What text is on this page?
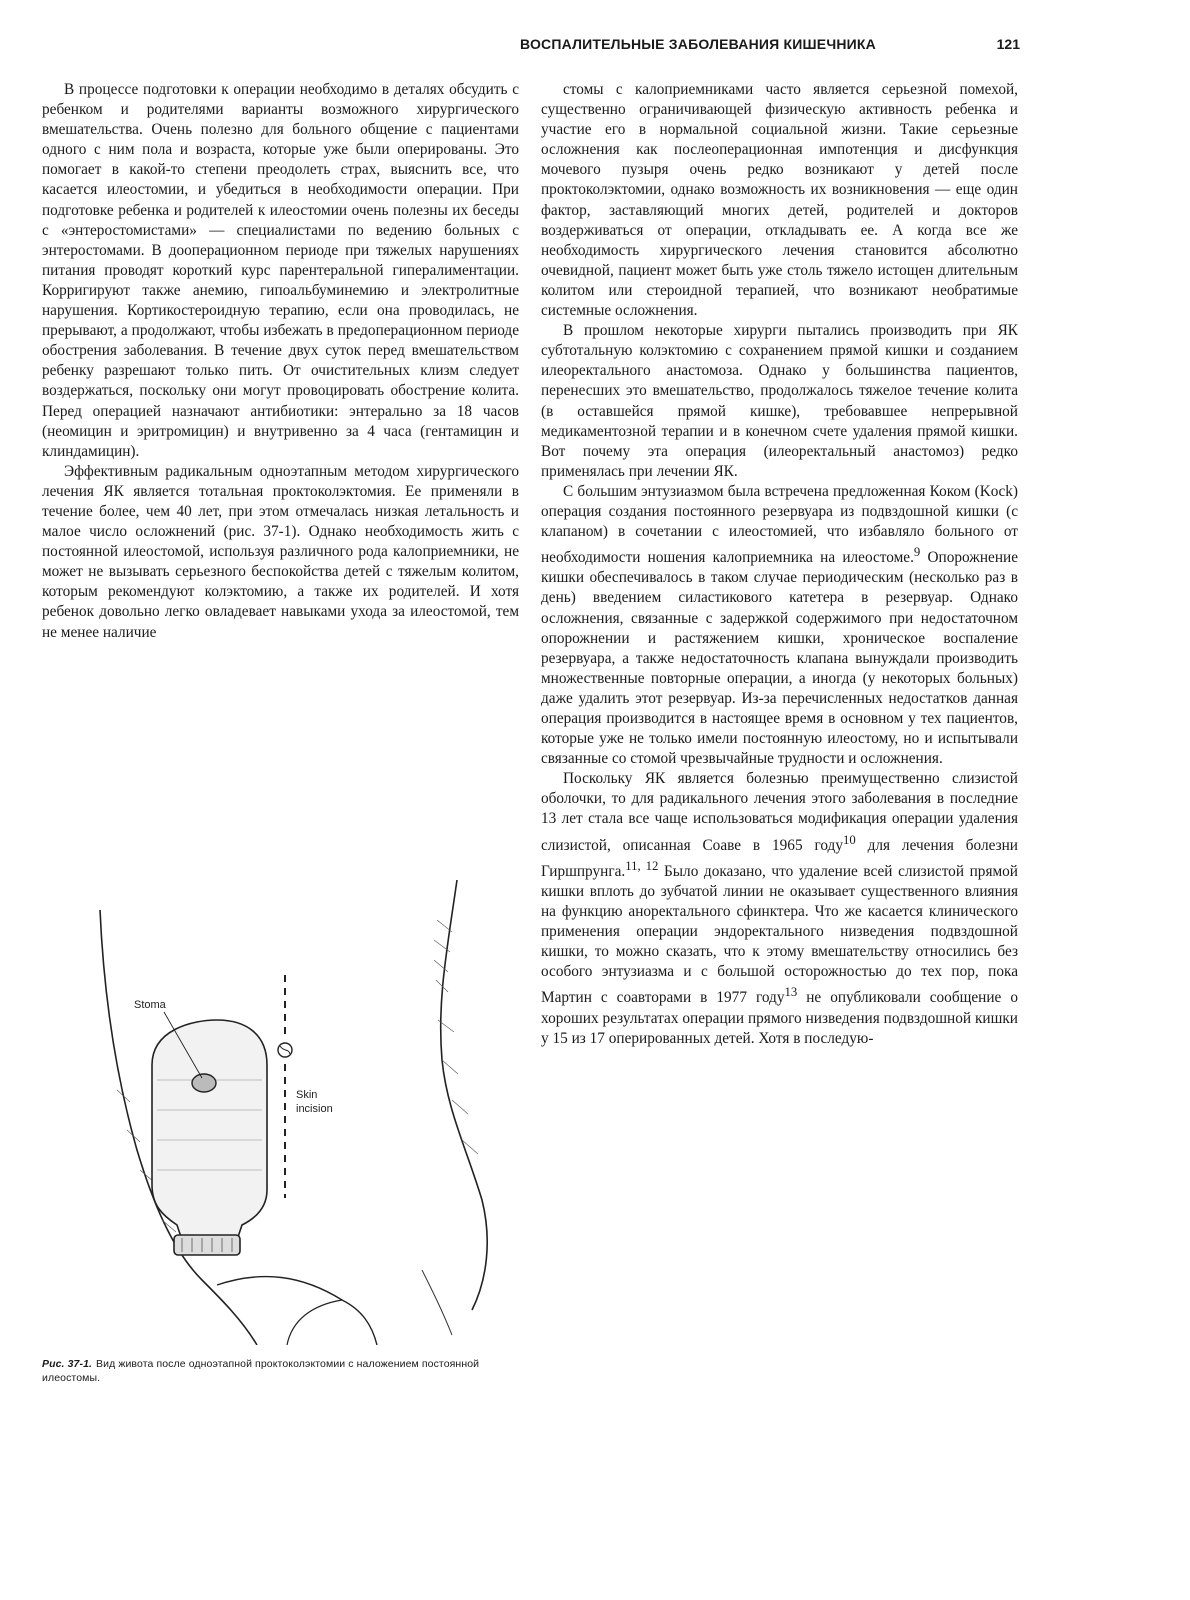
ВОСПАЛИТЕЛЬНЫЕ ЗАБОЛЕВАНИЯ КИШЕЧНИКА	121

В процессе подготовки к операции необходимо в деталях обсудить с ребенком и родителями варианты возможного хирургического вмешательства. Очень полезно для больного общение с пациентами одного с ним пола и возраста, которые уже были оперированы. Это помогает в какой-то степени преодолеть страх, выяснить все, что касается илеостомии, и убедиться в необходимости операции. При подготовке ребенка и родителей к илеостомии очень полезны их беседы с «энтеростомистами» — специалистами по ведению больных с энтеростомами. В дооперационном периоде при тяжелых нарушениях питания проводят короткий курс парентеральной гипералиментации. Корригируют также анемию, гипоальбуминемию и электролитные нарушения. Кортикостероидную терапию, если она проводилась, не прерывают, а продолжают, чтобы избежать в предоперационном периоде обострения заболевания. В течение двух суток перед вмешательством ребенку разрешают только пить. От очистительных клизм следует воздержаться, поскольку они могут провоцировать обострение колита. Перед операцией назначают антибиотики: энтерально за 18 часов (неомицин и эритромицин) и внутривенно за 4 часа (гентамицин и клиндамицин).

Эффективным радикальным одноэтапным методом хирургического лечения ЯК является тотальная проктоколэктомия. Ее применяли в течение более, чем 40 лет, при этом отмечалась низкая летальность и малое число осложнений (рис. 37-1). Однако необходимость жить с постоянной илеостомой, используя различного рода калоприемники, не может не вызывать серьезного беспокойства детей с тяжелым колитом, которым рекомендуют колэктомию, а также их родителей. И хотя ребенок довольно легко овладевает навыками ухода за илеостомой, тем не менее наличие

Stoma
Skin
incision
Рис. 37-1. Вид живота после одноэтапной проктоколэктомии с наложением постоянной илеостомы.

стомы с калоприемниками часто является серьезной помехой, существенно ограничивающей физическую активность ребенка и участие его в нормальной социальной жизни. Такие серьезные осложнения как послеоперационная импотенция и дисфункция мочевого пузыря очень редко возникают у детей после проктоколэктомии, однако возможность их возникновения — еще один фактор, заставляющий многих детей, родителей и докторов воздерживаться от операции, откладывать ее. А когда все же необходимость хирургического лечения становится абсолютно очевидной, пациент может быть уже столь тяжело истощен длительным колитом или стероидной терапией, что возникают необратимые системные осложнения.

В прошлом некоторые хирурги пытались производить при ЯК субтотальную колэктомию с сохранением прямой кишки и созданием илеоректального анастомоза. Однако у большинства пациентов, перенесших это вмешательство, продолжалось тяжелое течение колита (в оставшейся прямой кишке), требовавшее непрерывной медикаментозной терапии и в конечном счете удаления прямой кишки. Вот почему эта операция (илеоректальный анастомоз) редко применялась при лечении ЯК.

С большим энтузиазмом была встречена предложенная Коком (Kock) операция создания постоянного резервуара из подвздошной кишки (с клапаном) в сочетании с илеостомией, что избавляло больного от необходимости ношения калоприемника на илеостоме.$^9$ Опорожнение кишки обеспечивалось в таком случае периодическим (несколько раз в день) введением силастикового катетера в резервуар. Однако осложнения, связанные с задержкой содержимого при недостаточном опорожнении и растяжением кишки, хроническое воспаление резервуара, а также недостаточность клапана вынуждали производить множественные повторные операции, а иногда (у некоторых больных) даже удалить этот резервуар. Из-за перечисленных недостатков данная операция производится в настоящее время в основном у тех пациентов, которые уже не только имели постоянную илеостому, но и испытывали связанные со стомой чрезвычайные трудности и осложнения.

Поскольку ЯК является болезнью преимущественно слизистой оболочки, то для радикального лечения этого заболевания в последние 13 лет стала все чаще использоваться модификация операции удаления слизистой, описанная Соаве в 1965 году$^{10}$ для лечения болезни Гиршпрунга.$^{11, 12}$ Было доказано, что удаление всей слизистой прямой кишки вплоть до зубчатой линии не оказывает существенного влияния на функцию аноректального сфинктера. Что же касается клинического применения операции эндоректального низведения подвздошной кишки, то можно сказать, что к этому вмешательству относились без особого энтузиазма и с большой осторожностью до тех пор, пока Мартин с соавторами в 1977 году$^{13}$ не опубликовали сообщение о хороших результатах операции прямого низведения подвздошной кишки у 15 из 17 оперированных детей. Хотя в последую-
